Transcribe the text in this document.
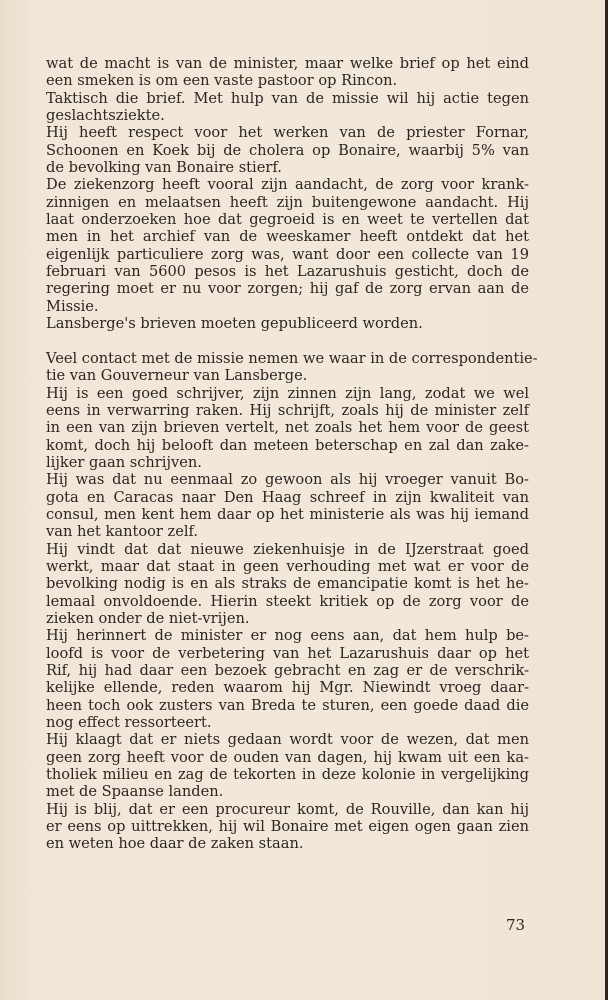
wat de macht is van de minister, maar welke brief op het eind
een smeken is om een vaste pastoor op Rincon.
Taktisch die brief. Met hulp van de missie wil hij actie tegen
geslachtsziekte.
Hij heeft respect voor het werken van de priester Fornar,
Schoonen en Koek bij de cholera op Bonaire, waarbij 5% van
de bevolking van Bonaire stierf.
De ziekenzorg heeft vooral zijn aandacht, de zorg voor krank-
zinnigen en melaatsen heeft zijn buitengewone aandacht. Hij
laat onderzoeken hoe dat gegroeid is en weet te vertellen dat
men in het archief van de weeskamer heeft ontdekt dat het
eigenlijk particuliere zorg was, want door een collecte van 19
februari van 5600 pesos is het Lazarushuis gesticht, doch de
regering moet er nu voor zorgen; hij gaf de zorg ervan aan de
Missie.
Lansberge's brieven moeten gepubliceerd worden.
Veel contact met de missie nemen we waar in de correspondentie-
tie van Gouverneur van Lansberge.
Hij is een goed schrijver, zijn zinnen zijn lang, zodat we wel
eens in verwarring raken. Hij schrijft, zoals hij de minister zelf
in een van zijn brieven vertelt, net zoals het hem voor de geest
komt, doch hij belooft dan meteen beterschap en zal dan zake-
lijker gaan schrijven.
Hij was dat nu eenmaal zo gewoon als hij vroeger vanuit Bo-
gota en Caracas naar Den Haag schreef in zijn kwaliteit van
consul, men kent hem daar op het ministerie als was hij iemand
van het kantoor zelf.
Hij vindt dat dat nieuwe ziekenhuisje in de IJzerstraat goed
werkt, maar dat staat in geen verhouding met wat er voor de
bevolking nodig is en als straks de emancipatie komt is het he-
lemaal onvoldoende. Hierin steekt kritiek op de zorg voor de
zieken onder de niet-vrijen.
Hij herinnert de minister er nog eens aan, dat hem hulp be-
loofd is voor de verbetering van het Lazarushuis daar op het
Rif, hij had daar een bezoek gebracht en zag er de verschrik-
kelijke ellende, reden waarom hij Mgr. Niewindt vroeg daar-
heen toch ook zusters van Breda te sturen, een goede daad die
nog effect ressorteert.
Hij klaagt dat er niets gedaan wordt voor de wezen, dat men
geen zorg heeft voor de ouden van dagen, hij kwam uit een ka-
tholiek milieu en zag de tekorten in deze kolonie in vergelijking
met de Spaanse landen.
Hij is blij, dat er een procureur komt, de Rouville, dan kan hij
er eens op uittrekken, hij wil Bonaire met eigen ogen gaan zien
en weten hoe daar de zaken staan.
73
